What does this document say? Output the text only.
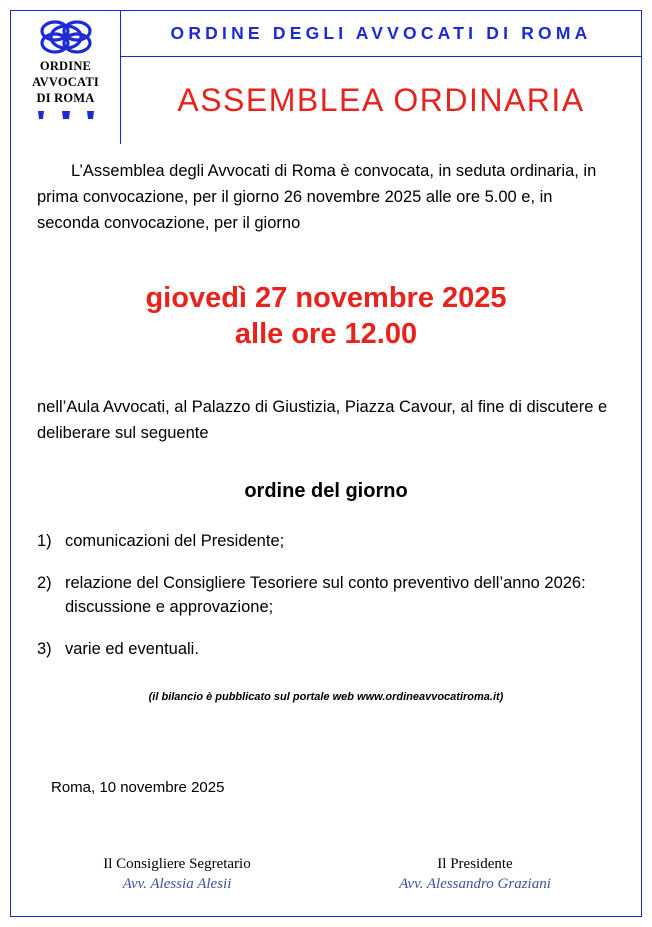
ORDINE
AVVOCATI
DI ROMA
ORDINE DEGLI AVVOCATI DI ROMA
ASSEMBLEA ORDINARIA

L’Assemblea degli Avvocati di Roma è convocata, in seduta ordinaria, in prima convocazione, per il giorno 26 novembre 2025 alle ore 5.00 e, in seconda convocazione, per il giorno

giovedì 27 novembre 2025
alle ore 12.00

nell’Aula Avvocati, al Palazzo di Giustizia, Piazza Cavour, al fine di discutere e deliberare sul seguente

ordine del giorno
1) comunicazioni del Presidente;
2) relazione del Consigliere Tesoriere sul conto preventivo dell’anno 2026: discussione e approvazione;
3) varie ed eventuali.
(il bilancio è pubblicato sul portale web www.ordineavvocatiroma.it)
Roma, 10 novembre 2025
Il Consigliere Segretario
Avv. Alessia Alesii
Il Presidente
Avv. Alessandro Graziani
